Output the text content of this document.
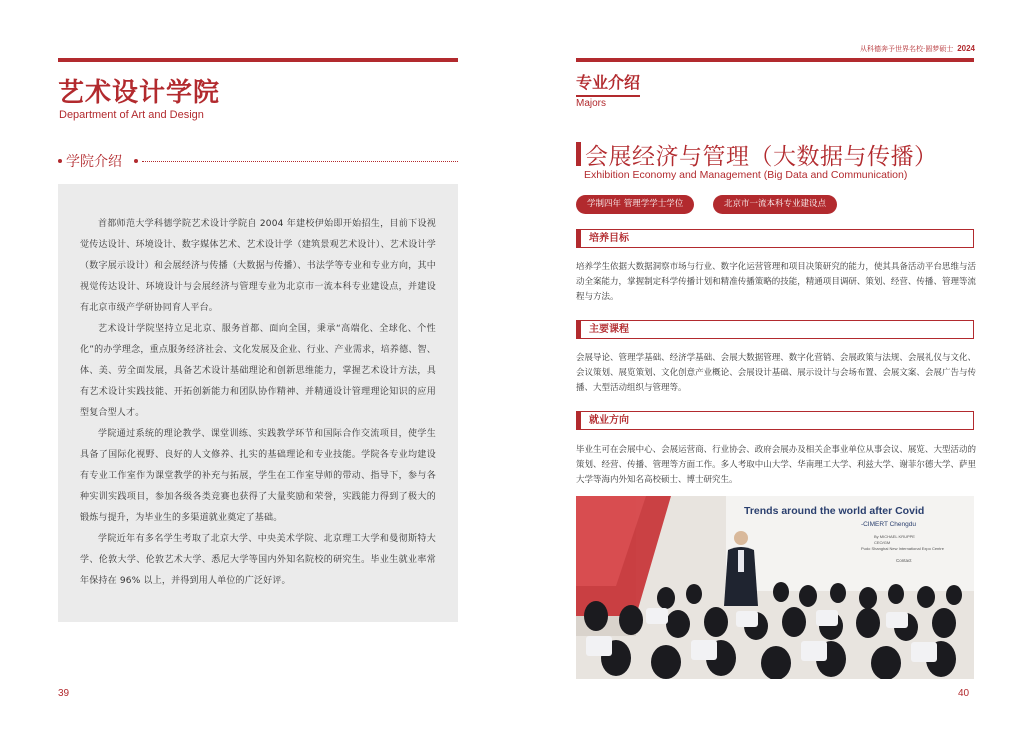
艺术设计学院
Department of Art and Design
学院介绍

首都师范大学科德学院艺术设计学院自 2004 年建校伊始即开始招生，目前下设视觉传达设计、环境设计、数字媒体艺术、艺术设计学（建筑景观艺术设计）、艺术设计学（数字展示设计）和会展经济与传播（大数据与传播）、书法学等专业和专业方向，其中视觉传达设计、环境设计与会展经济与管理专业为北京市一流本科专业建设点，并建设有北京市级产学研协同育人平台。

艺术设计学院坚持立足北京、服务首都、面向全国，秉承“高端化、全球化、个性化”的办学理念，重点服务经济社会、文化发展及企业、行业、产业需求，培养德、智、体、美、劳全面发展，具备艺术设计基础理论和创新思维能力，掌握艺术设计方法，具有艺术设计实践技能、开拓创新能力和团队协作精神、并精通设计管理理论知识的应用型复合型人才。

学院通过系统的理论教学、课堂训练、实践教学环节和国际合作交流项目，使学生具备了国际化视野、良好的人文修养、扎实的基础理论和专业技能。学院各专业均建设有专业工作室作为课堂教学的补充与拓展，学生在工作室导师的带动、指导下，参与各种实训实践项目，参加各级各类竞赛也获得了大量奖励和荣誉，实践能力得到了极大的锻炼与提升，为毕业生的多渠道就业奠定了基础。

学院近年有多名学生考取了北京大学、中央美术学院、北京理工大学和曼彻斯特大学、伦敦大学、伦敦艺术大学、悉尼大学等国内外知名院校的研究生。毕业生就业率常年保持在 96% 以上，并得到用人单位的广泛好评。

39
从科德奔予世界名校·圆梦硕士 2024
专业介绍
Majors
会展经济与管理（大数据与传播）
Exhibition Economy and Management (Big Data and Communication)
学制四年 管理学学士学位	北京市一流本科专业建设点
培养目标
培养学生依据大数据洞察市场与行业、数字化运营管理和项目决策研究的能力，使其具备活动平台思维与活动全案能力，掌握制定科学传播计划和精准传播策略的技能，精通项目调研、策划、经营、传播、管理等流程与方法。
主要课程
会展导论、管理学基础、经济学基础、会展大数据管理、数字化营销、会展政策与法规、会展礼仪与文化、会议策划、展览策划、文化创意产业概论、会展设计基础、展示设计与会场布置、会展文案、会展广告与传播、大型活动组织与管理等。
就业方向
毕业生可在会展中心、会展运营商、行业协会、政府会展办及相关企事业单位从事会议、展览、大型活动的策划、经营、传播、管理等方面工作。多人考取中山大学、华南理工大学、利兹大学、谢菲尔德大学、萨里大学等海内外知名高校硕士、博士研究生。
Trends around the world after Covid
-CIMERT Chengdu
By MICHAEL KRUPPE
CEO/GM
Pudo Shanghai New International Expo Centre
Contact
40
